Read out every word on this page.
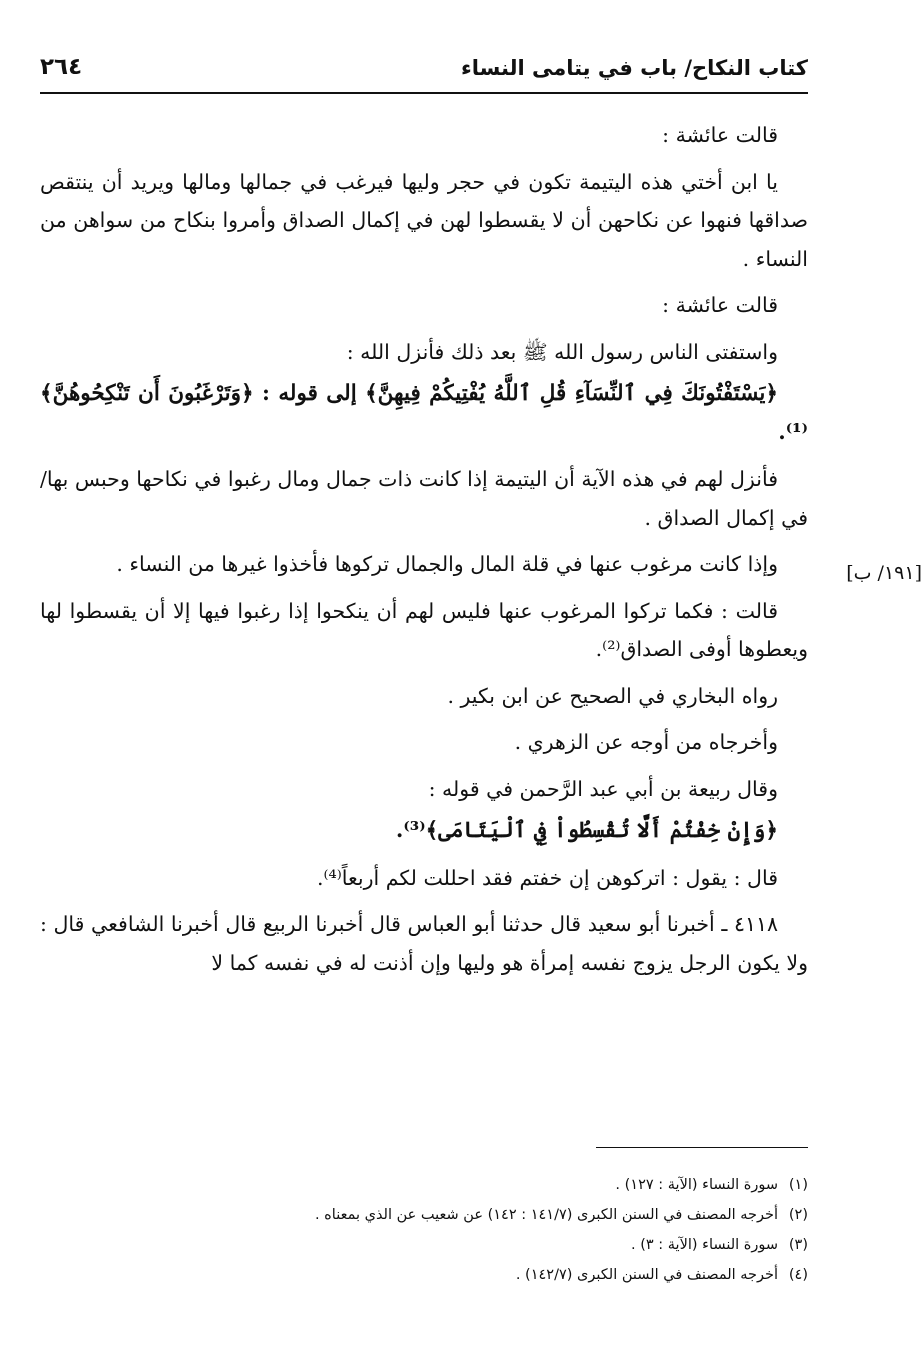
كتاب النكاح/ باب في يتامى النساء
٢٦٤

قالت عائشة :

يا ابن أختي هذه اليتيمة تكون في حجر وليها فيرغب في جمالها ومالها ويريد أن ينتقص صداقها فنهوا عن نكاحهن أن لا يقسطوا لهن في إكمال الصداق وأمروا بنكاح من سواهن من النساء .

قالت عائشة :

واستفتى الناس رسول الله ﷺ بعد ذلك فأنزل الله :

﴿يَسْتَفْتُونَكَ فِي ٱلنِّسَآءِ قُلِ ٱللَّهُ يُفْتِيكُمْ فِيهِنَّ﴾ إلى قوله : ﴿وَتَرْغَبُونَ أَن تَنْكِحُوهُنَّ﴾⁽¹⁾.

فأنزل لهم في هذه الآية أن اليتيمة إذا كانت ذات جمال ومال رغبوا في نكاحها وحبس بها/ في إكمال الصداق .

وإذا كانت مرغوب عنها في قلة المال والجمال تركوها فأخذوا غيرها من النساء .

قالت : فكما تركوا المرغوب عنها فليس لهم أن ينكحوا إذا رغبوا فيها إلا أن يقسطوا لها ويعطوها أوفى الصداق⁽²⁾.

رواه البخاري في الصحيح عن ابن بكير .

وأخرجاه من أوجه عن الزهري .

وقال ربيعة بن أبي عبد الرَّحمن في قوله :

﴿وَإِنْ خِفْتُمْ أَلَّا تُقْسِطُواْ فِي ٱلْيَتَامَى﴾⁽³⁾.

قال : يقول : اتركوهن إن خفتم فقد احللت لكم أربعاً⁽⁴⁾.

٤١١٨ ـ أخبرنا أبو سعيد قال حدثنا أبو العباس قال أخبرنا الربيع قال أخبرنا الشافعي قال : ولا يكون الرجل يزوج نفسه إمرأة هو وليها وإن أذنت له في نفسه كما لا

[١٩١/ ب]
(١)سورة النساء (الآية : ١٢٧) .
(٢)أخرجه المصنف في السنن الكبرى (١٤١/٧ : ١٤٢) عن شعيب عن الذي بمعناه .
(٣)سورة النساء (الآية : ٣) .
(٤)أخرجه المصنف في السنن الكبرى (١٤٢/٧) .
